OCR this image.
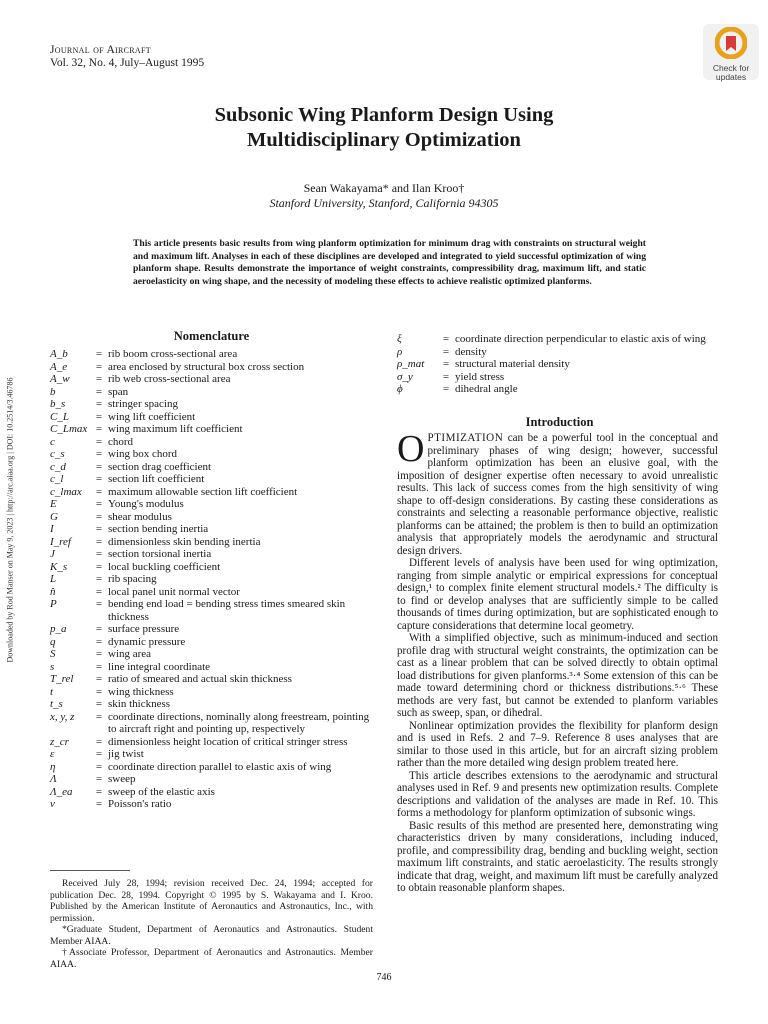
Journal of Aircraft
Vol. 32, No. 4, July–August 1995	Check for
updates
Subsonic Wing Planform Design Using
Multidisciplinary Optimization
Sean Wakayama* and Ilan Kroo†
Stanford University, Stanford, California 94305
This article presents basic results from wing planform optimization for minimum drag with constraints on structural weight and maximum lift. Analyses in each of these disciplines are developed and integrated to yield successful optimization of wing planform shape. Results demonstrate the importance of weight constraints, compressibility drag, maximum lift, and static aeroelasticity on wing shape, and the necessity of modeling these effects to achieve realistic optimized planforms.
Downloaded by Rod Manser on May 9, 2023 | http://arc.aiaa.org | DOI: 10.2514/3.46786
Nomenclature
A_b	= rib boom cross-sectional area
A_e	= area enclosed by structural box cross section
A_w	= rib web cross-sectional area
b	= span
b_s	= stringer spacing
C_L	= wing lift coefficient
C_Lmax = wing maximum lift coefficient
c	= chord
c_s	= wing box chord
c_d	= section drag coefficient
c_l	= section lift coefficient
c_lmax	= maximum allowable section lift coefficient
E	= Young's modulus
G	= shear modulus
I	= section bending inertia
I_ref	= dimensionless skin bending inertia
J	= section torsional inertia
K_s	= local buckling coefficient
L	= rib spacing
n̂	= local panel unit normal vector
P	= bending end load = bending stress times smeared skin thickness
p_a	= surface pressure
q	= dynamic pressure
S	= wing area
s	= line integral coordinate
T_rel	= ratio of smeared and actual skin thickness
t	= wing thickness
t_s	= skin thickness
x, y, z	= coordinate directions, nominally along freestream, pointing to aircraft right and pointing up, respectively
z_cr	= dimensionless height location of critical stringer stress
ε	= jig twist
η	= coordinate direction parallel to elastic axis of wing
Λ	= sweep
Λ_ea	= sweep of the elastic axis
ν	= Poisson's ratio
ξ	= coordinate direction perpendicular to elastic axis of wing
ρ	= density
ρ_mat	= structural material density
σ_y	= yield stress
ϕ	= dihedral angle
Introduction

OPTIMIZATION can be a powerful tool in the conceptual and preliminary phases of wing design; however, successful planform optimization has been an elusive goal, with the imposition of designer expertise often necessary to avoid unrealistic results. This lack of success comes from the high sensitivity of wing shape to off-design considerations. By casting these considerations as constraints and selecting a reasonable performance objective, realistic planforms can be attained; the problem is then to build an optimization analysis that appropriately models the aerodynamic and structural design drivers.

Different levels of analysis have been used for wing optimization, ranging from simple analytic or empirical expressions for conceptual design,¹ to complex finite element structural models.² The difficulty is to find or develop analyses that are sufficiently simple to be called thousands of times during optimization, but are sophisticated enough to capture considerations that determine local geometry.

With a simplified objective, such as minimum-induced and section profile drag with structural weight constraints, the optimization can be cast as a linear problem that can be solved directly to obtain optimal load distributions for given planforms.³·⁴ Some extension of this can be made toward determining chord or thickness distributions.⁵·⁶ These methods are very fast, but cannot be extended to planform variables such as sweep, span, or dihedral.

Nonlinear optimization provides the flexibility for planform design and is used in Refs. 2 and 7–9. Reference 8 uses analyses that are similar to those used in this article, but for an aircraft sizing problem rather than the more detailed wing design problem treated here.

This article describes extensions to the aerodynamic and structural analyses used in Ref. 9 and presents new optimization results. Complete descriptions and validation of the analyses are made in Ref. 10. This forms a methodology for planform optimization of subsonic wings.

Basic results of this method are presented here, demonstrating wing characteristics driven by many considerations, including induced, profile, and compressibility drag, bending and buckling weight, section maximum lift constraints, and static aeroelasticity. The results strongly indicate that drag, weight, and maximum lift must be carefully analyzed to obtain reasonable planform shapes.

Received July 28, 1994; revision received Dec. 24, 1994; accepted for publication Dec. 28, 1994. Copyright © 1995 by S. Wakayama and I. Kroo. Published by the American Institute of Aeronautics and Astronautics, Inc., with permission.

*Graduate Student, Department of Aeronautics and Astronautics. Student Member AIAA.

†Associate Professor, Department of Aeronautics and Astronautics. Member AIAA.

746
